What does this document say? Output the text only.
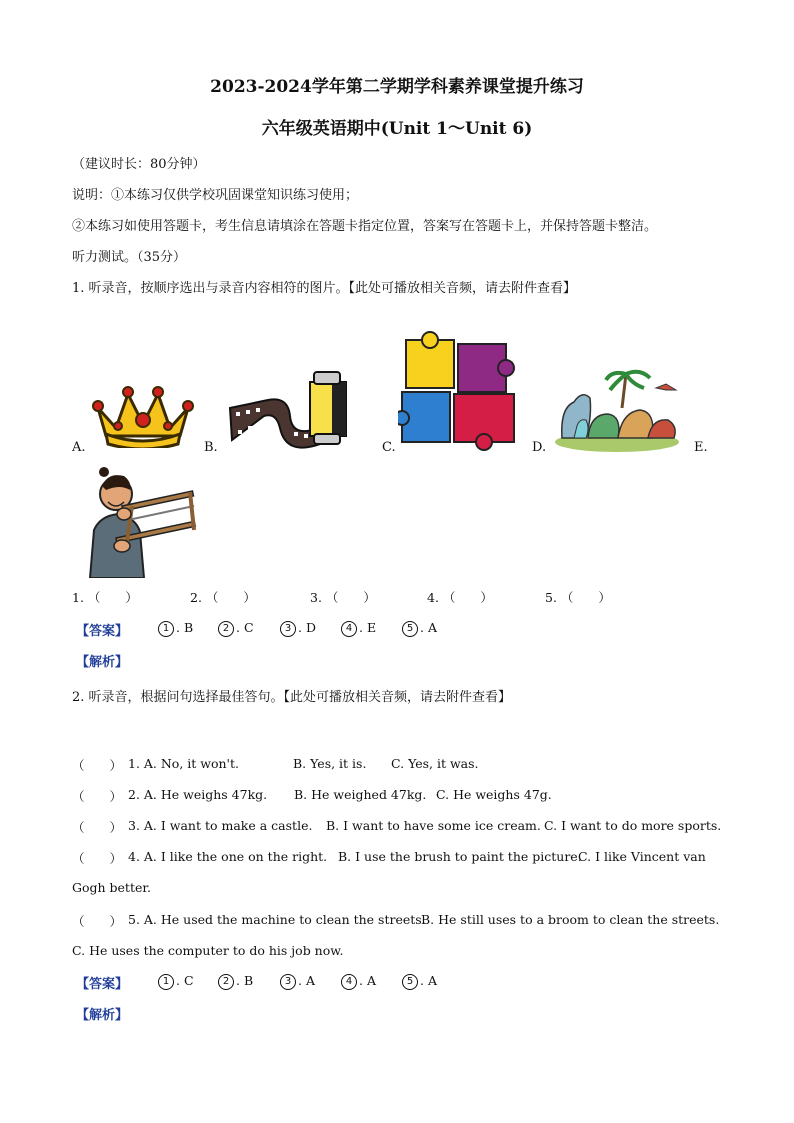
2023-2024学年第二学期学科素养课堂提升练习
六年级英语期中(Unit 1～Unit 6)
（建议时长：80分钟）
说明：①本练习仅供学校巩固课堂知识练习使用；
②本练习如使用答题卡，考生信息请填涂在答题卡指定位置，答案写在答题卡上，并保持答题卡整洁。
听力测试。（35分）
1. 听录音，按顺序选出与录音内容相符的图片。【此处可播放相关音频，请去附件查看】
A.	B.	C.	D.	E.
1. （　　）	2. （　　）	3. （　　）	4. （　　）	5. （　　）
【答案】	1 . B	2 . C	3 . D	4 . E	5 . A
【解析】
2. 听录音，根据问句选择最佳答句。【此处可播放相关音频，请去附件查看】
（　　） 1. A. No, it won't.	B. Yes, it is. C. Yes, it was.
（　　） 2. A. He weighs 47kg. B. He weighed 47kg. C. He weighs 47g.
（　　） 3. A. I want to make a castle. B. I want to have some ice cream. C. I want to do more sports.
（　　） 4. A. I like the one on the right. B. I use the brush to paint the picture.
C. I like Vincent van
Gogh better.
（　　） 5. A. He used the machine to clean the streets.
B. He still uses to a broom to clean the streets.
C. He uses the computer to do his job now.
【答案】	1 . C	2 . B	3 . A	4 . A	5 . A
【解析】
